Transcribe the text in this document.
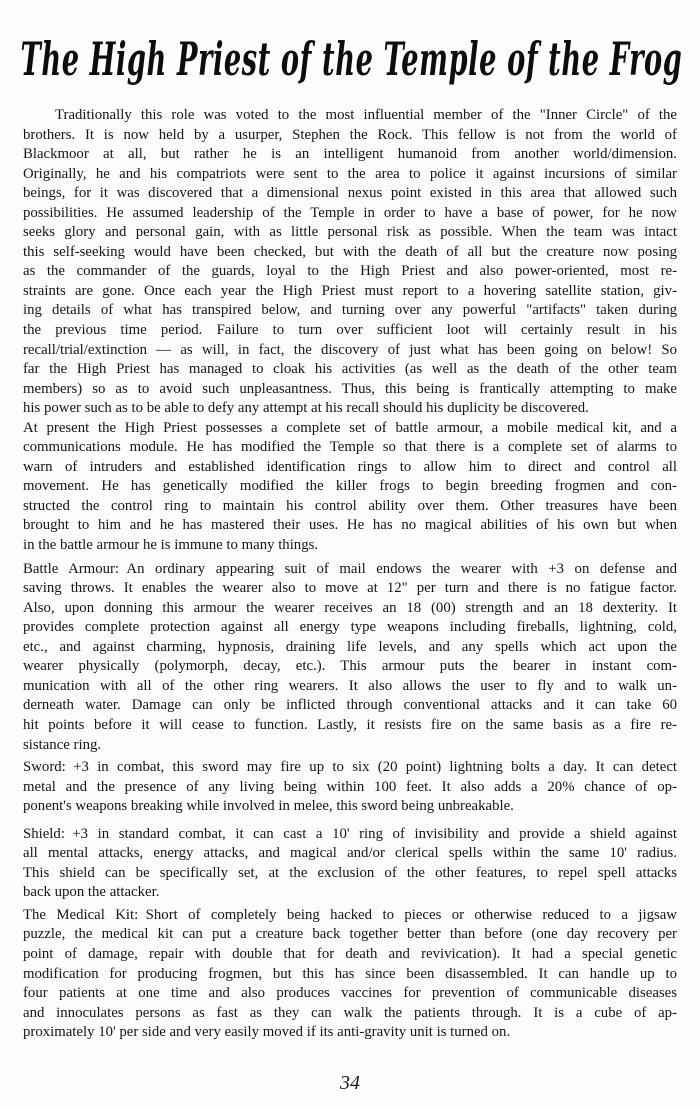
The High Priest of the Temple of the Frog
Traditionally this role was voted to the most influential member of the "Inner Circle" of the
brothers. It is now held by a usurper, Stephen the Rock. This fellow is not from the world of
Blackmoor at all, but rather he is an intelligent humanoid from another world/dimension.
Originally, he and his compatriots were sent to the area to police it against incursions of similar
beings, for it was discovered that a dimensional nexus point existed in this area that allowed such
possibilities. He assumed leadership of the Temple in order to have a base of power, for he now
seeks glory and personal gain, with as little personal risk as possible. When the team was intact
this self-seeking would have been checked, but with the death of all but the creature now posing
as the commander of the guards, loyal to the High Priest and also power-oriented, most re-
straints are gone. Once each year the High Priest must report to a hovering satellite station, giv-
ing details of what has transpired below, and turning over any powerful "artifacts" taken during
the previous time period. Failure to turn over sufficient loot will certainly result in his
recall/trial/extinction — as will, in fact, the discovery of just what has been going on below! So
far the High Priest has managed to cloak his activities (as well as the death of the other team
members) so as to avoid such unpleasantness. Thus, this being is frantically attempting to make
his power such as to be able to defy any attempt at his recall should his duplicity be discovered.
At present the High Priest possesses a complete set of battle armour, a mobile medical kit, and a
communications module. He has modified the Temple so that there is a complete set of alarms to
warn of intruders and established identification rings to allow him to direct and control all
movement. He has genetically modified the killer frogs to begin breeding frogmen and con-
structed the control ring to maintain his control ability over them. Other treasures have been
brought to him and he has mastered their uses. He has no magical abilities of his own but when
in the battle armour he is immune to many things.
Battle Armour: An ordinary appearing suit of mail endows the wearer with +3 on defense and
saving throws. It enables the wearer also to move at 12" per turn and there is no fatigue factor.
Also, upon donning this armour the wearer receives an 18 (00) strength and an 18 dexterity. It
provides complete protection against all energy type weapons including fireballs, lightning, cold,
etc., and against charming, hypnosis, draining life levels, and any spells which act upon the
wearer physically (polymorph, decay, etc.). This armour puts the bearer in instant com-
munication with all of the other ring wearers. It also allows the user to fly and to walk un-
derneath water. Damage can only be inflicted through conventional attacks and it can take 60
hit points before it will cease to function. Lastly, it resists fire on the same basis as a fire re-
sistance ring.
Sword: +3 in combat, this sword may fire up to six (20 point) lightning bolts a day. It can detect
metal and the presence of any living being within 100 feet. It also adds a 20% chance of op-
ponent's weapons breaking while involved in melee, this sword being unbreakable.
Shield: +3 in standard combat, it can cast a 10' ring of invisibility and provide a shield against
all mental attacks, energy attacks, and magical and/or clerical spells within the same 10' radius.
This shield can be specifically set, at the exclusion of the other features, to repel spell attacks
back upon the attacker.
The Medical Kit: Short of completely being hacked to pieces or otherwise reduced to a jigsaw
puzzle, the medical kit can put a creature back together better than before (one day recovery per
point of damage, repair with double that for death and revivication). It had a special genetic
modification for producing frogmen, but this has since been disassembled. It can handle up to
four patients at one time and also produces vaccines for prevention of communicable diseases
and innoculates persons as fast as they can walk the patients through. It is a cube of ap-
proximately 10' per side and very easily moved if its anti-gravity unit is turned on.
34
